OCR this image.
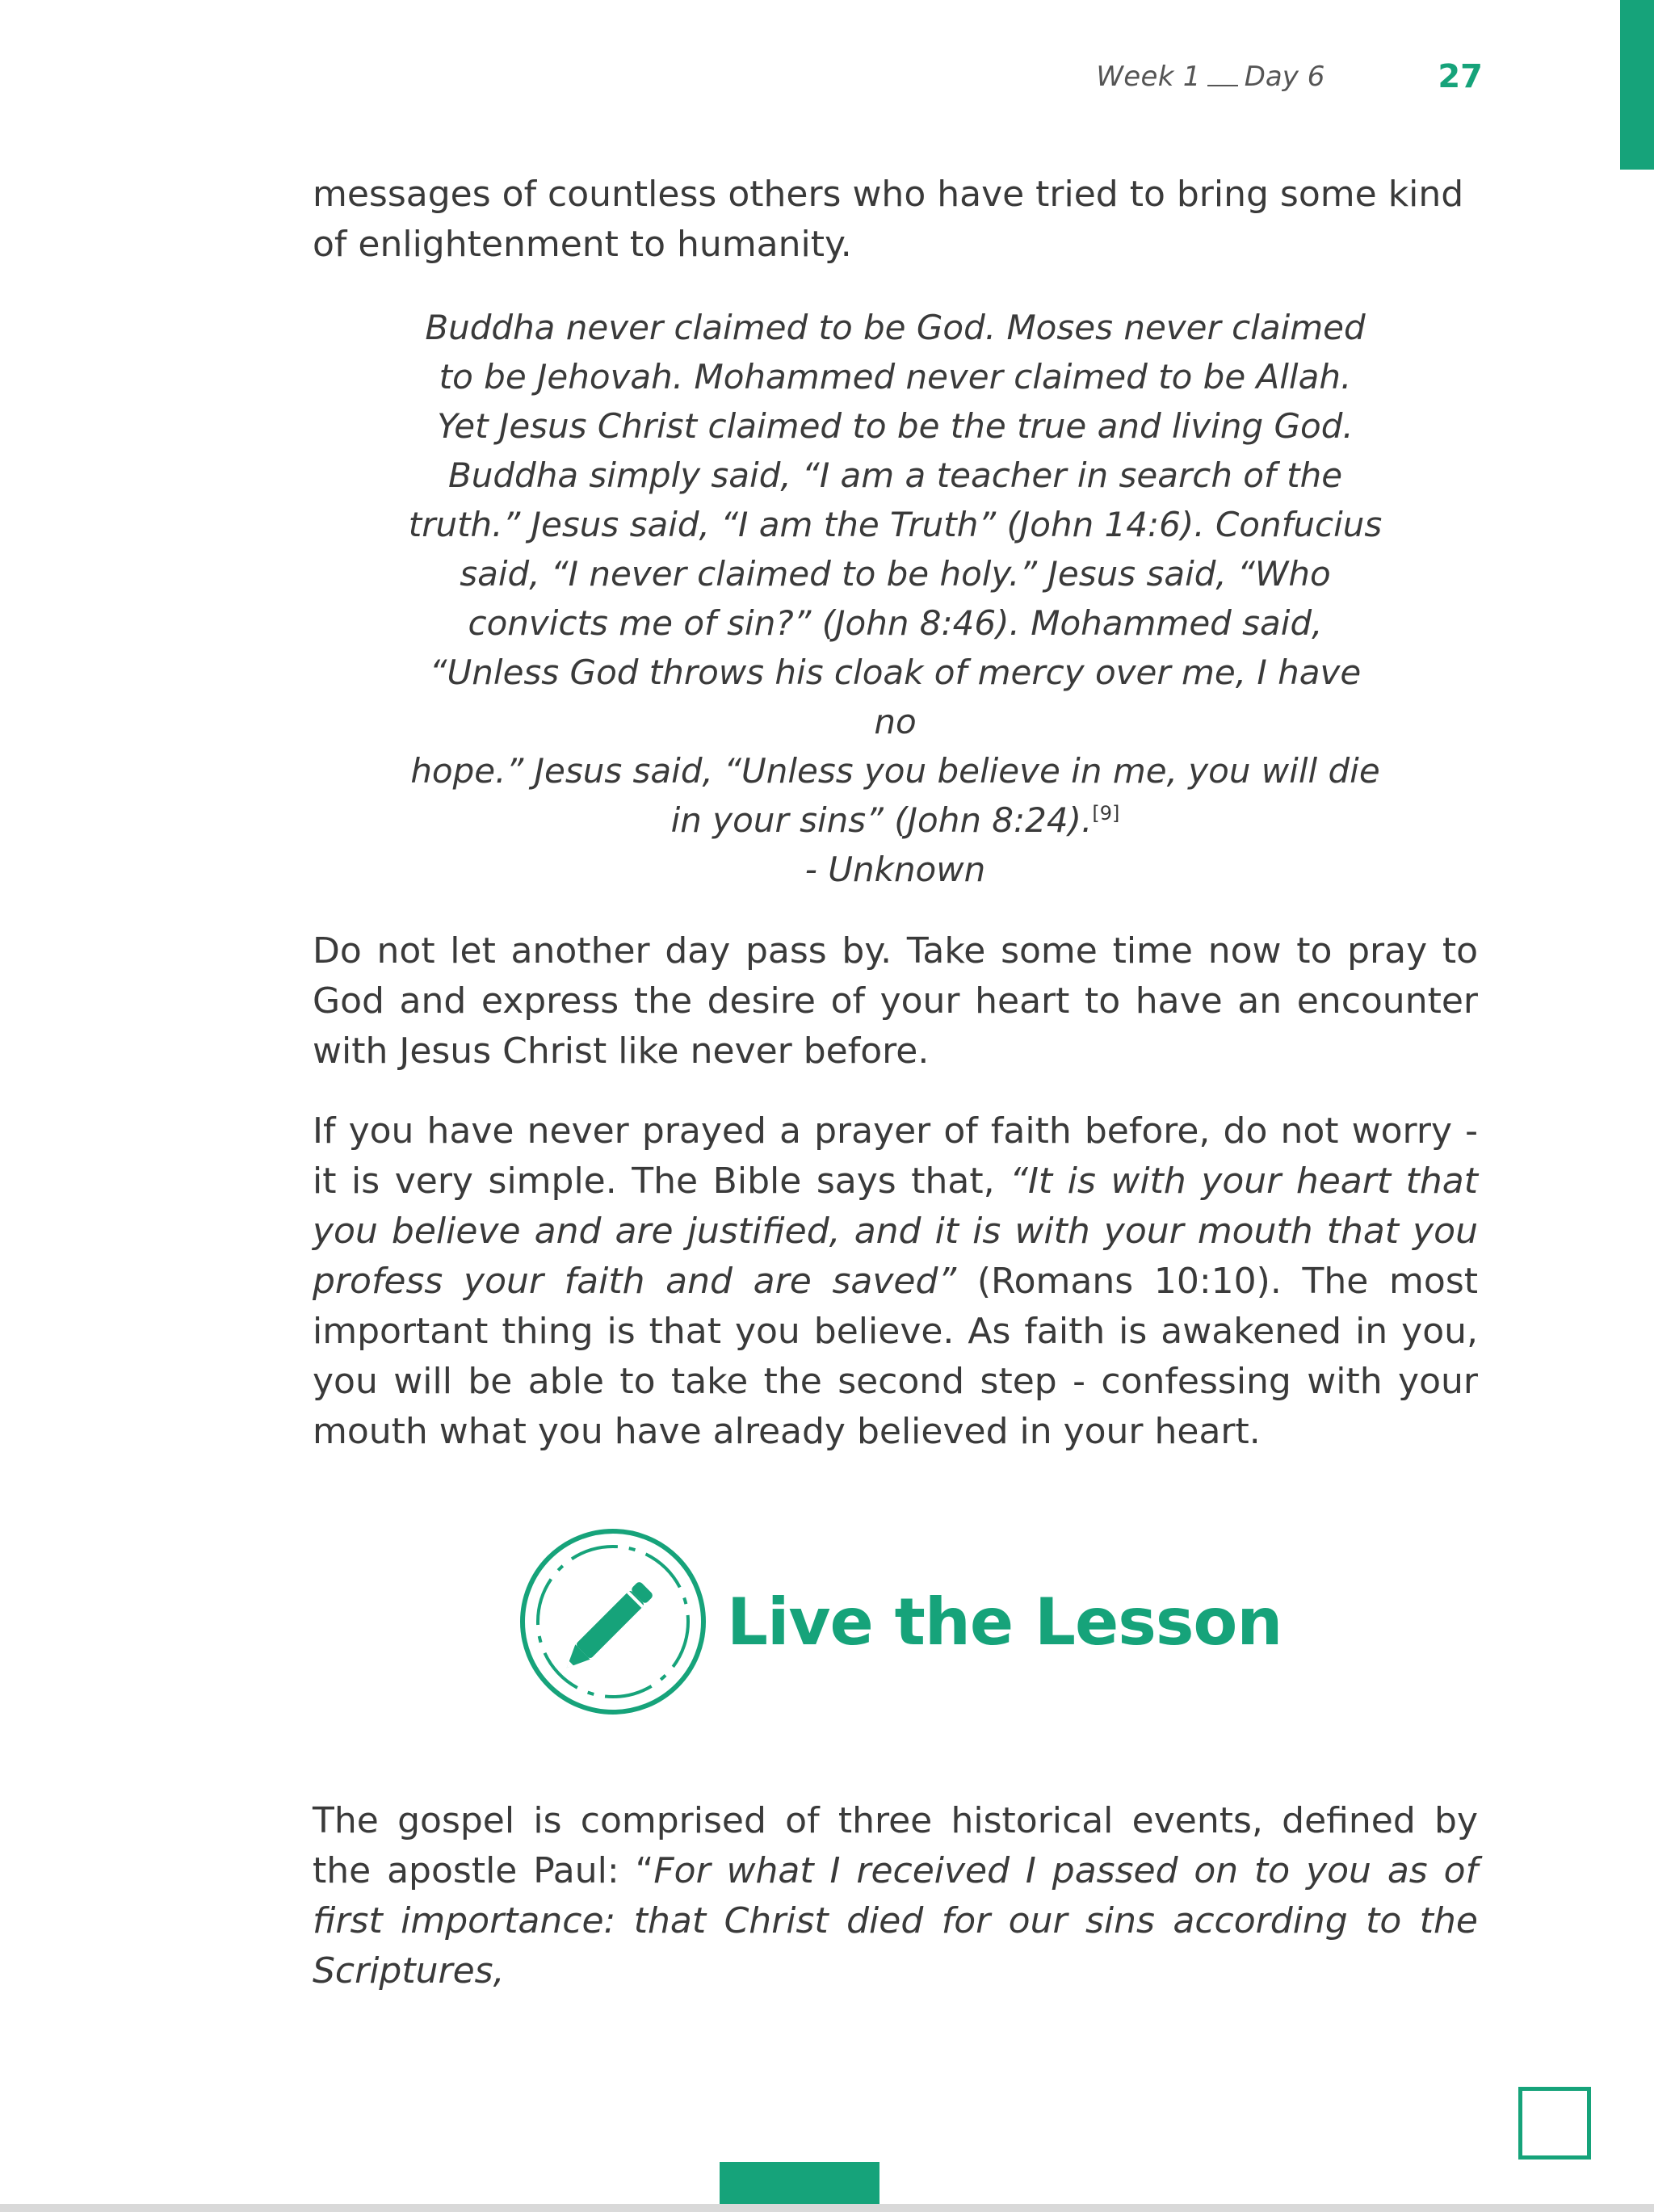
Week 1 Day 6	27

messages of countless others who have tried to bring some kind of enlightenment to humanity.

Buddha never claimed to be God. Moses never claimed
to be Jehovah. Mohammed never claimed to be Allah.
Yet Jesus Christ claimed to be the true and living God.
Buddha simply said, “I am a teacher in search of the
truth.” Jesus said, “I am the Truth” (John 14:6). Confucius
said, “I never claimed to be holy.” Jesus said, “Who
convicts me of sin?” (John 8:46). Mohammed said,
“Unless God throws his cloak of mercy over me, I have no
hope.” Jesus said, “Unless you believe in me, you will die
in your sins” (John 8:24).[9]
- Unknown

Do not let another day pass by. Take some time now to pray to God and express the desire of your heart to have an encounter with Jesus Christ like never before.

If you have never prayed a prayer of faith before, do not worry - it is very simple. The Bible says that, “It is with your heart that you believe and are justified, and it is with your mouth that you profess your faith and are saved” (Romans 10:10). The most important thing is that you believe. As faith is awakened in you, you will be able to take the second step - confessing with your mouth what you have already believed in your heart.

Live the Lesson

The gospel is comprised of three historical events, defined by the apostle Paul: “For what I received I passed on to you as of first importance: that Christ died for our sins according to the Scriptures,
